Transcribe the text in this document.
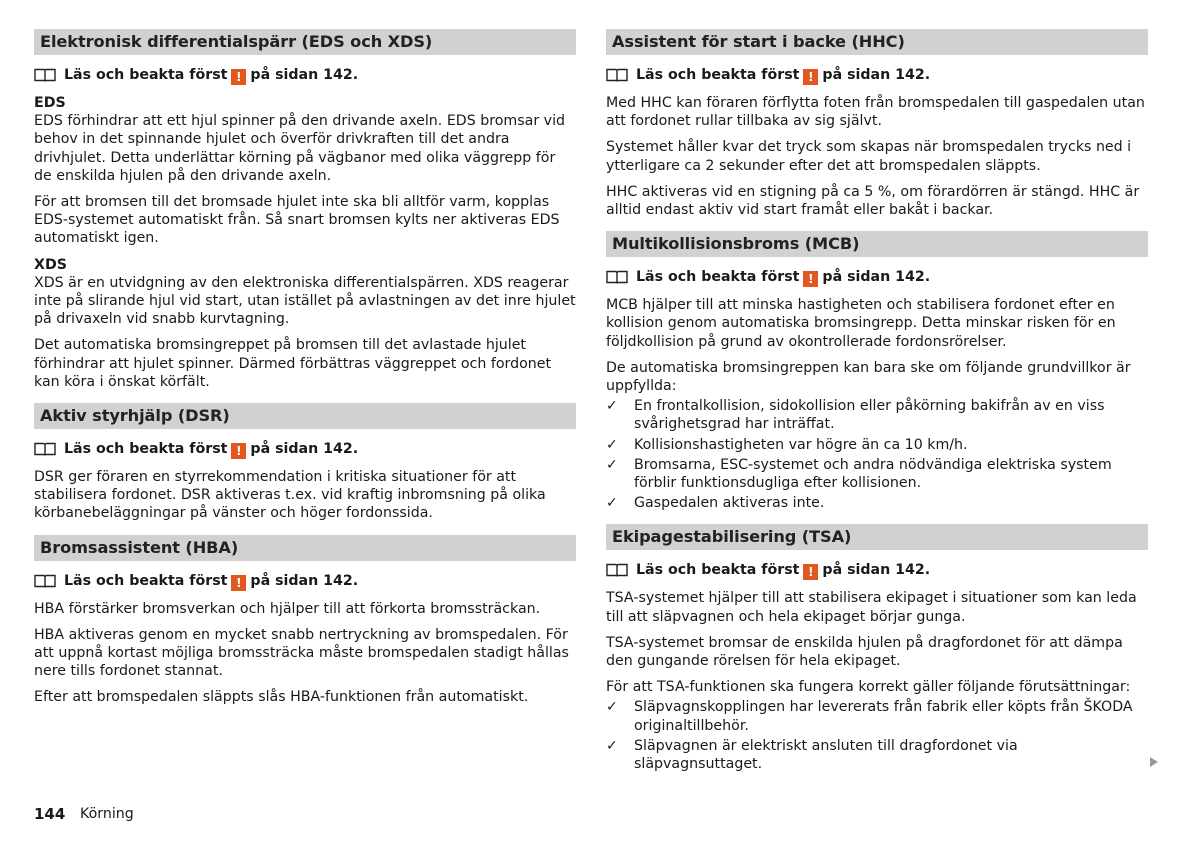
Elektronisk differentialspärr (EDS och XDS)
Läs och beakta först ! på sidan 142.
EDS

EDS förhindrar att ett hjul spinner på den drivande axeln. EDS bromsar vid behov in det spinnande hjulet och överför drivkraften till det andra drivhjulet. Detta underlättar körning på vägbanor med olika väggrepp för de enskilda hjulen på den drivande axeln.

För att bromsen till det bromsade hjulet inte ska bli alltför varm, kopplas EDS-systemet automatiskt från. Så snart bromsen kylts ner aktiveras EDS automatiskt igen.

XDS

XDS är en utvidgning av den elektroniska differentialspärren. XDS reagerar inte på slirande hjul vid start, utan istället på avlastningen av det inre hjulet på drivaxeln vid snabb kurvtagning.

Det automatiska bromsingreppet på bromsen till det avlastade hjulet förhindrar att hjulet spinner. Därmed förbättras väggreppet och fordonet kan köra i önskat körfält.

Aktiv styrhjälp (DSR)
Läs och beakta först ! på sidan 142.

DSR ger föraren en styrrekommendation i kritiska situationer för att stabilisera fordonet. DSR aktiveras t.ex. vid kraftig inbromsning på olika körbanebeläggningar på vänster och höger fordonssida.

Bromsassistent (HBA)
Läs och beakta först ! på sidan 142.

HBA förstärker bromsverkan och hjälper till att förkorta bromssträckan.

HBA aktiveras genom en mycket snabb nertryckning av bromspedalen. För att uppnå kortast möjliga bromssträcka måste bromspedalen stadigt hållas nere tills fordonet stannat.

Efter att bromspedalen släppts slås HBA-funktionen från automatiskt.

Assistent för start i backe (HHC)
Läs och beakta först ! på sidan 142.

Med HHC kan föraren förflytta foten från bromspedalen till gaspedalen utan att fordonet rullar tillbaka av sig självt.

Systemet håller kvar det tryck som skapas när bromspedalen trycks ned i ytterligare ca 2 sekunder efter det att bromspedalen släppts.

HHC aktiveras vid en stigning på ca 5 %, om förardörren är stängd. HHC är alltid endast aktiv vid start framåt eller bakåt i backar.

Multikollisionsbroms (MCB)
Läs och beakta först ! på sidan 142.

MCB hjälper till att minska hastigheten och stabilisera fordonet efter en kollision genom automatiska bromsingrepp. Detta minskar risken för en följdkollision på grund av okontrollerade fordonsrörelser.

De automatiska bromsingreppen kan bara ske om följande grundvillkor är uppfyllda:

✓ En frontalkollision, sidokollision eller påkörning bakifrån av en viss svårighetsgrad har inträffat.
✓ Kollisionshastigheten var högre än ca 10 km/h.
✓ Bromsarna, ESC-systemet och andra nödvändiga elektriska system förblir funktionsdugliga efter kollisionen.
✓ Gaspedalen aktiveras inte.
Ekipagestabilisering (TSA)
Läs och beakta först ! på sidan 142.

TSA-systemet hjälper till att stabilisera ekipaget i situationer som kan leda till att släpvagnen och hela ekipaget börjar gunga.

TSA-systemet bromsar de enskilda hjulen på dragfordonet för att dämpa den gungande rörelsen för hela ekipaget.

För att TSA-funktionen ska fungera korrekt gäller följande förutsättningar:

✓ Släpvagnskopplingen har levererats från fabrik eller köpts från ŠKODA originaltillbehör.
✓ Släpvagnen är elektriskt ansluten till dragfordonet via släpvagnsuttaget.
144 Körning
